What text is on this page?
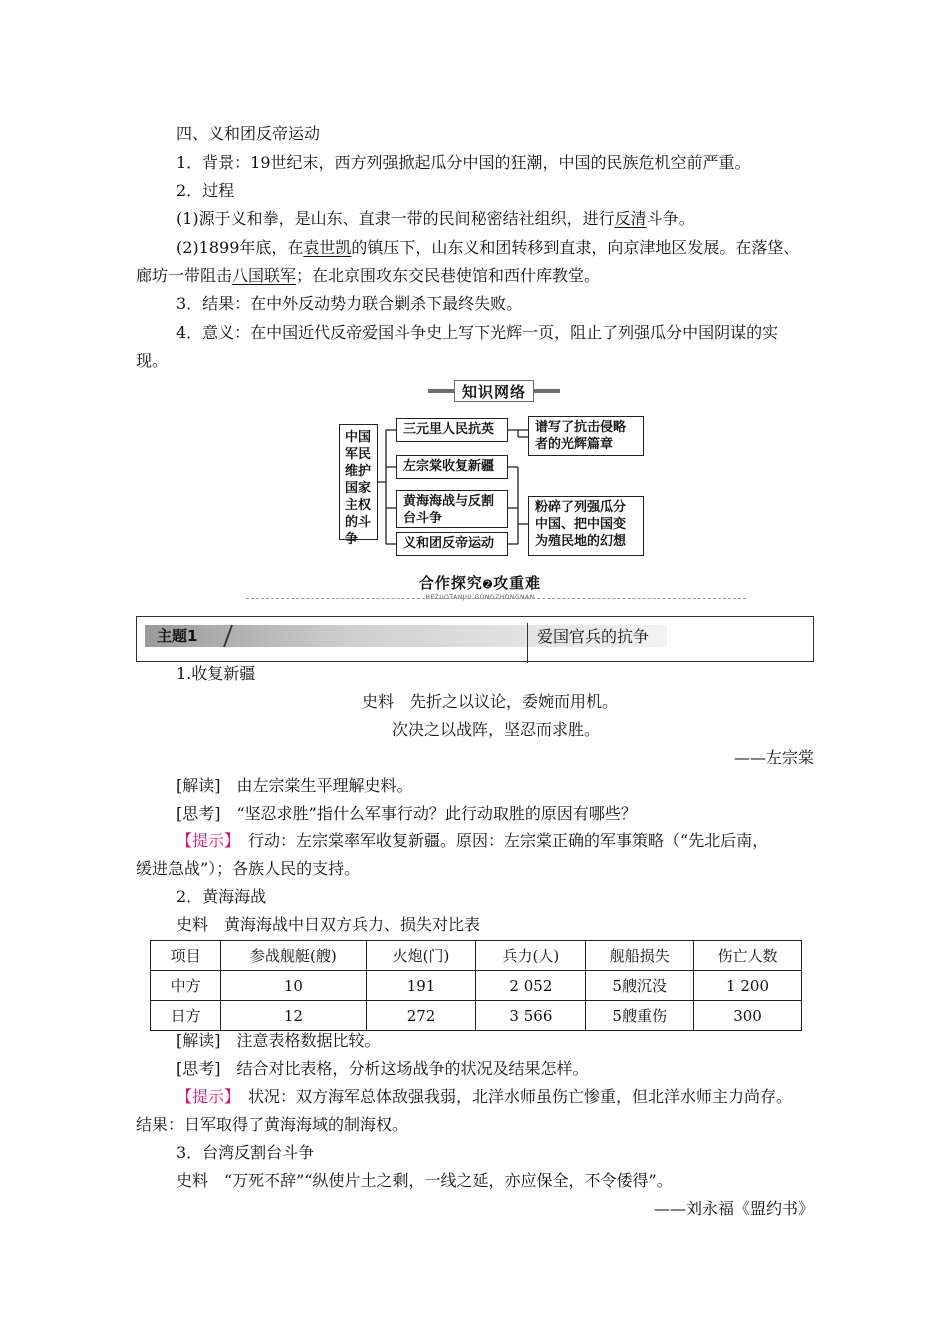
四、义和团反帝运动
1．背景：19世纪末，西方列强掀起瓜分中国的狂潮，中国的民族危机空前严重。
2．过程
(1)源于义和拳，是山东、直隶一带的民间秘密结社组织，进行反清斗争。
(2)1899年底，在袁世凯的镇压下，山东义和团转移到直隶，向京津地区发展。在落垡、
廊坊一带阻击八国联军；在北京围攻东交民巷使馆和西什库教堂。
3．结果：在中外反动势力联合剿杀下最终失败。
4．意义：在中国近代反帝爱国斗争史上写下光辉一页，阻止了列强瓜分中国阴谋的实
现。
知识网络
中国军民维护国家主权的斗争
三元里人民抗英
左宗棠收复新疆
黄海海战与反割台斗争
义和团反帝运动
谱写了抗击侵略者的光辉篇章
粉碎了列强瓜分中国、把中国变为殖民地的幻想
合作探究➋攻重难
HEZUOTANJIU GONGZHONGNAN
主题1	爱国官兵的抗争
1.收复新疆
史料　先折之以议论，委婉而用机。
次决之以战阵，坚忍而求胜。
——左宗棠
[解读]　由左宗棠生平理解史料。
[思考]　“坚忍求胜”指什么军事行动？此行动取胜的原因有哪些？
【提示】　行动：左宗棠率军收复新疆。原因：左宗棠正确的军事策略（“先北后南，
缓进急战”）；各族人民的支持。
2．黄海海战
史料　黄海海战中日双方兵力、损失对比表
项目	参战舰艇(艘)	火炮(门)	兵力(人)	舰船损失	伤亡人数
中方	10	191	2 052	5艘沉没	1 200
日方	12	272	3 566	5艘重伤	300
[解读]　注意表格数据比较。
[思考]　结合对比表格，分析这场战争的状况及结果怎样。
【提示】　状况：双方海军总体敌强我弱，北洋水师虽伤亡惨重，但北洋水师主力尚存。
结果：日军取得了黄海海域的制海权。
3．台湾反割台斗争
史料　“万死不辞”“纵使片土之剩，一线之延，亦应保全，不令倭得”。
——刘永福《盟约书》
